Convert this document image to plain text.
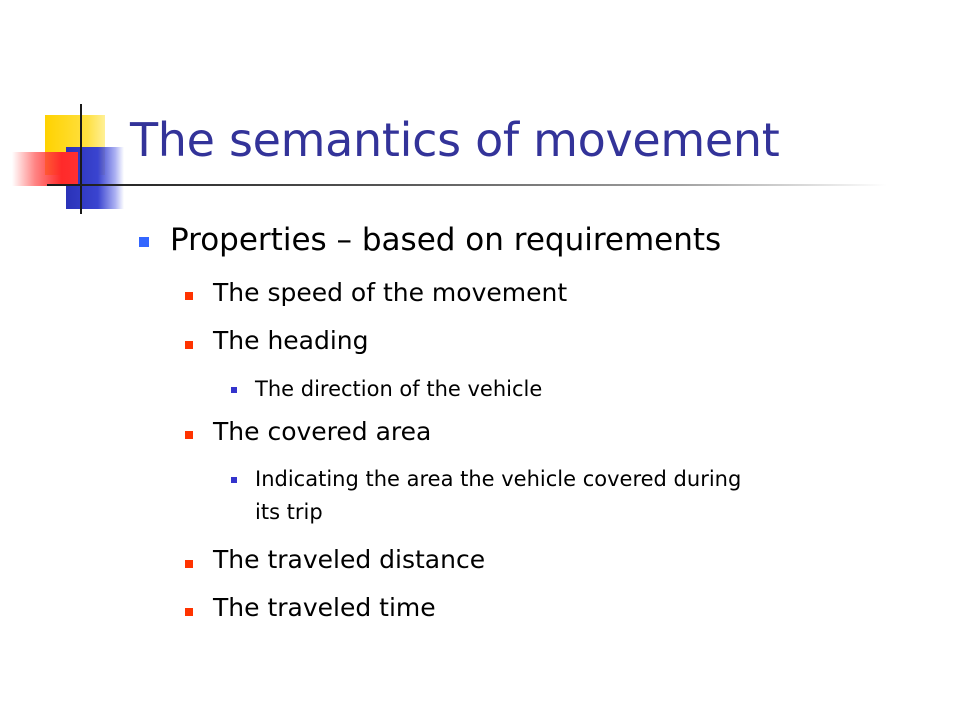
The semantics of movement
Properties – based on requirements
The speed of the movement
The heading
The direction of the vehicle
The covered area
Indicating the area the vehicle covered during
its trip
The traveled distance
The traveled time
